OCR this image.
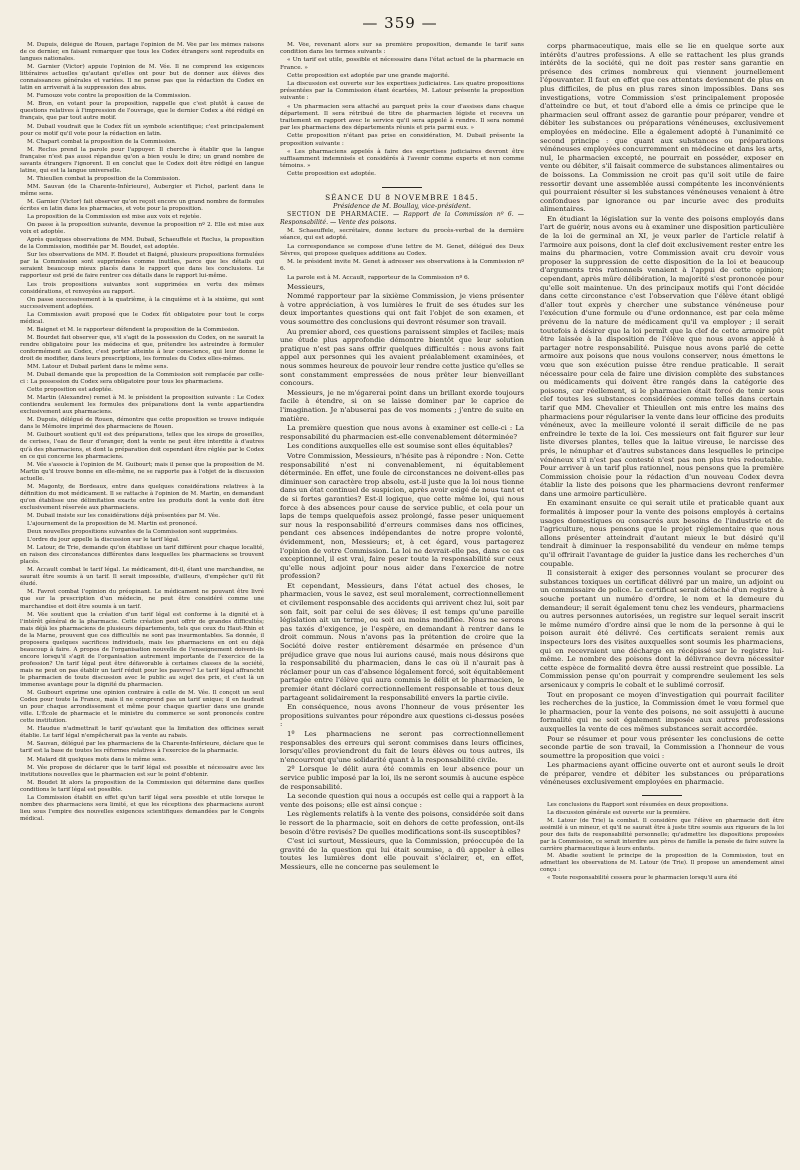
— 359 —

M. Dupuis, délégué de Rouen, partage l'opinion de M. Vée par les mêmes raisons de ce dernier, en faisant remarquer que tous les Codex étrangers sont reproduits en langues nationales.

M. Garnier (Victor) appuie l'opinion de M. Vée. Il ne comprend les exigences littéraires actuelles qu'autant qu'elles ont pour but de donner aux élèves des connaissances générales et variées. Il ne pense pas que la rédaction du Codex en latin en arriverait à la suppression des abus.

M. Fumouze vote contre la proposition de la Commission.

M. Bron, en votant pour la proposition, rappelle que c'est plutôt à cause de questions relatives à l'impression de l'ouvrage, que le dernier Codex a été rédigé en français, que par tout autre motif.

M. Dubail voudrait que le Codex fût un symbole scientifique; c'est principalement pour ce motif qu'il vote pour la rédaction en latin.

M. Chapart combat la proposition de la Commission.

M. Reclus prend la parole pour l'appuyer. Il cherche à établir que la langue française n'est pas aussi répandue qu'on a bien voulu le dire; un grand nombre de savants étrangers l'ignorent. Il en conclut que le Codex doit être rédigé en langue latine, qui est la langue universelle.

M. Thieullen combat la proposition de la Commission.

MM. Sauvan (de la Charente-Inférieure), Aubergier et Fichol, parlent dans le même sens.

M. Garnier (Victor) fait observer qu'on reçoit encore un grand nombre de formules écrites en latin dans les pharmacies, et vote pour la proposition.

La proposition de la Commission est mise aux voix et rejetée.

On passe à la proposition suivante, devenue la proposition nº 2. Elle est mise aux voix et adoptée.

Après quelques observations de MM. Dubail, Schaeuffele et Reclus, la proposition de la Commission, modifiée par M. Boudet, est adoptée.

Sur les observations de MM. F. Boudet et Baigné, plusieurs propositions formulées par la Commission sont supprimées comme inutiles, parce que les détails qui seraient beaucoup mieux placés dans le rapport que dans les conclusions. Le rapporteur est prié de faire rentrer ces détails dans le rapport lui-même.

Les trois propositions suivantes sont supprimées en vertu des mêmes considérations, et renvoyées au rapport.

On passe successivement à la quatrième, à la cinquième et à la sixième, qui sont successivement adoptées.

La Commission avait proposé que le Codex fût obligatoire pour tout le corps médical.

M. Baignet et M. le rapporteur défendent la proposition de la Commission.

M. Bourdet fait observer que, s'il s'agit de la possession du Codex, on ne saurait la rendre obligatoire pour les médecins et que, prétendre les astreindre à formuler conformément au Codex, c'est porter atteinte à leur conscience, qui leur donne le droit de modifier, dans leurs prescriptions, les formules du Codex elles-mêmes.

MM. Latour et Dubail parlent dans le même sens.

M. Dubail demande que la proposition de la Commission soit remplacée par celle-ci : La possession du Codex sera obligatoire pour tous les pharmaciens.

Cette proposition est adoptée.

M. Martin (Alexandre) remet à M. le président la proposition suivante : Le Codex contiendra seulement les formules des préparations dont la vente appartiendra exclusivement aux pharmaciens.

M. Dupuis, délégué de Rouen, démontre que cette proposition se trouve indiquée dans le Mémoire imprimé des pharmaciens de Rouen.

M. Guibourt soutient qu'il est des préparations, telles que les sirops de groseilles, de cerises, l'eau de fleur d'oranger, dont la vente ne peut être interdite à d'autres qu'à des pharmaciens, et dont la préparation doit cependant être réglée par le Codex en ce qui concerne les pharmaciens.

M. Vée s'associe à l'opinion de M. Guibourt; mais il pense que la proposition de M. Martin qu'il trouve bonne en elle-même, ne se rapporte pas à l'objet de la discussion actuelle.

M. Magonty, de Bordeaux, entre dans quelques considérations relatives à la définition du mot médicament. Il se rattache à l'opinion de M. Martin, en demandant qu'on établisse une délimitation exacte entre les produits dont la vente doit être exclusivement réservée aux pharmaciens.

M. Dubail insiste sur les considérations déjà présentées par M. Vée.

L'ajournement de la proposition de M. Martin est prononcé.

Deux nouvelles propositions suivantes de la Commission sont supprimées.

L'ordre du jour appelle la discussion sur le tarif légal.

M. Latour, de Trie, demande qu'on établisse un tarif différent pour chaque localité, en raison des circonstances différentes dans lesquelles les pharmaciens se trouvent placés.

M. Accault combat le tarif légal. Le médicament, dit-il, étant une marchandise, ne saurait être soumis à un tarif. Il serait impossible, d'ailleurs, d'empêcher qu'il fût éludé.

M. Favrot combat l'opinion du préopinant. Le médicament ne pouvant être livré que sur la prescription d'un médecin, ne peut être considéré comme une marchandise et doit être soumis à un tarif.

M. Vée soutient que la création d'un tarif légal est conforme à la dignité et à l'intérêt général de la pharmacie. Cette création peut offrir de grandes difficultés; mais déjà les pharmaciens de plusieurs départements, tels que ceux du Haut-Rhin et de la Marne, prouvent que ces difficultés ne sont pas insurmontables. Sa donnée, il proposera quelques sacrifices individuels, mais les pharmaciens en ont eu déjà beaucoup à faire. A propos de l'organisation nouvelle de l'enseignement doivent-ils encore lorsqu'il s'agit de l'organisation autrement importante de l'exercice de la profession? Un tarif légal peut être défavorable à certaines classes de la société, mais ne peut on pas établir un tarif réduit pour les pauvres? Le tarif légal affranchit le pharmacien de toute discussion avec le public au sujet des prix, et c'est là un immense avantage pour la dignité du pharmacien.

M. Guibourt exprime une opinion contraire à celle de M. Vée. Il conçoit un seul Codex pour toute la France, mais il ne comprend pas un tarif unique; il en faudrait un pour chaque arrondissement et même pour chaque quartier dans une grande ville. L'École de pharmacie et le ministre du commerce se sont prononcés contre cette institution.

M. Haudue n'admettrait le tarif qu'autant que la limitation des officines serait établie. Le tarif légal n'empêcherait pas la vente au rabais.

M. Sauvan, délégué par les pharmaciens de la Charente-Inférieure, déclare que le tarif est la base de toutes les réformes relatives à l'exercice de la pharmacie.

M. Malard dit quelques mots dans le même sens.

M. Vée propose de déclarer que le tarif légal est possible et nécessaire avec les institutions nouvelles que le pharmacien est sur le point d'obtenir.

M. Boudet lit alors la proposition de la Commission qui détermine dans quelles conditions le tarif légal est possible.

La Commission établit en effet qu'un tarif légal sera possible et utile lorsque le nombre des pharmaciens sera limité, et que les réceptions des pharmaciens auront lieu sous l'empire des nouvelles exigences scientifiques demandées par le Congrès médical.

M. Vée, revenant alors sur sa première proposition, demande le tarif sans condition dans les termes suivants :

« Un tarif est utile, possible et nécessaire dans l'état actuel de la pharmacie en France. »

Cette proposition est adoptée par une grande majorité.

La discussion est ouverte sur les expertises judiciaires. Les quatre propositions présentées par la Commission étant écartées, M. Latour présente la proposition suivante :

« Un pharmacien sera attaché au parquet près la cour d'assises dans chaque département. Il sera rétribué de titre de pharmacien légiste et recevra un traitement en rapport avec le service qu'il sera appelé à rendre. Il sera nommé par les pharmaciens des départements réunis et pris parmi eux. »

Cette proposition n'étant pas prise en considération, M. Dubail présente la proposition suivante :

« Les pharmaciens appelés à faire des expertises judiciaires devront être suffisamment indemnisés et considérés à l'avenir comme experts et non comme témoins. »

Cette proposition est adoptée.

SÉANCE DU 8 NOVEMBRE 1845.

Présidence de M. Boullay, vice-président.

SECTION DE PHARMACIE. — Rapport de la Commission nº 6. — Responsabilité. — Vente des poisons.

M. Schaeuffele, secrétaire, donne lecture du procès-verbal de la dernière séance, qui est adopté.

La correspondance se compose d'une lettre de M. Genet, délégué des Deux Sèvres, qui propose quelques additions au Codex.

M. le président invite M. Genet à adresser ses observations à la Commission nº 6.

La parole est à M. Accault, rapporteur de la Commission nº 6.

Messieurs,

Nommé rapporteur par la sixième Commission, je viens présenter à votre appréciation, à vos lumières le fruit de ses études sur les deux importantes questions qui ont fait l'objet de son examen, et vous soumettre des conclusions qui devront résumer son travail.

Au premier abord, ces questions paraissent simples et faciles; mais une étude plus approfondie démontre bientôt que leur solution pratique n'est pas sans offrir quelques difficultés : nous avons fait appel aux personnes qui les avaient préalablement examinées, et nous sommes heureux de pouvoir leur rendre cette justice qu'elles se sont constamment empressées de nous prêter leur bienveillant concours.

Messieurs, je ne m'égarerai point dans un brillant exorde toujours facile à étendre, si on se laisse dominer par le caprice de l'imagination. Je n'abuserai pas de vos moments ; j'entre de suite en matière.

La première question que nous avons à examiner est celle-ci : La responsabilité du pharmacien est-elle convenablement déterminée?

Les conditions auxquelles elle est soumise sont elles équitables?

Votre Commission, Messieurs, n'hésite pas à répondre : Non. Cette responsabilité n'est ni convenablement, ni équitablement déterminée. En effet, une foule de circonstances ne doivent-elles pas diminuer son caractère trop absolu, est-il juste que la loi nous tienne dans un état continuel de suspicion, après avoir exigé de nous tant et de si fortes garanties? Est-il logique, que cette même loi, qui nous force à des absences pour cause de service public, et cela pour un laps de temps quelquefois assez prolongé, fasse peser uniquement sur nous la responsabilité d'erreurs commises dans nos officines, pendant ces absences indépendantes de notre propre volonté, évidemment, non, Messieurs; et, à cet égard, vous partagerez l'opinion de votre Commission. La loi ne devrait-elle pas, dans ce cas exceptionnel, il est vrai, faire peser toute la responsabilité sur ceux qu'elle nous adjoint pour nous aider dans l'exercice de notre profession?

Et cependant, Messieurs, dans l'état actuel des choses, le pharmacien, vous le savez, est seul moralement, correctionnellement et civilement responsable des accidents qui arrivent chez lui, soit par son fait, soit par celui de ses élèves; il est temps qu'une pareille législation ait un terme, ou soit au moins modifiée. Nous ne serons pas taxés d'exigence, je l'espère, en demandant à rentrer dans le droit commun. Nous n'avons pas la prétention de croire que la Société doive rester entièrement désarmée en présence d'un préjudice grave que nous lui aurions causé, mais nous désirons que la responsabilité du pharmacien, dans le cas où il n'aurait pas à réclamer pour un cas d'absence légalement forcé, soit équitablement partagée entre l'élève qui aura commis le délit et le pharmacien, le premier étant déclaré correctionnellement responsable et tous deux partageant solidairement la responsabilité envers la partie civile.

En conséquence, nous avons l'honneur de vous présenter les propositions suivantes pour répondre aux questions ci-dessus posées :

1º Les pharmaciens ne seront pas correctionnellement responsables des erreurs qui seront commises dans leurs officines, lorsqu'elles proviendront du fait de leurs élèves ou tous autres, ils n'encourront qu'une solidarité quant à la responsabilité civile.

2º Lorsque le délit aura été commis en leur absence pour un service public imposé par la loi, ils ne seront soumis à aucune espèce de responsabilité.

La seconde question qui nous a occupés est celle qui a rapport à la vente des poisons; elle est ainsi conçue :

Les règlements relatifs à la vente des poisons, considérée soit dans le ressort de la pharmacie, soit en dehors de cette profession, ont-ils besoin d'être revisés? De quelles modifications sont-ils susceptibles?

C'est ici surtout, Messieurs, que la Commission, préoccupée de la gravité de la question qui lui était soumise, a dû appeler à elles toutes les lumières dont elle pouvait s'éclairer, et, en effet, Messieurs, elle ne concerne pas seulement le

corps pharmaceutique, mais elle se lie en quelque sorte aux intérêts d'autres professions. A elle se rattachent les plus grands intérêts de la société, qui ne doit pas rester sans garantie en présence des crimes nombreux qui viennent journellement l'épouvanter. Il faut en effet que ces attentats deviennent de plus en plus difficiles, de plus en plus rares sinon impossibles. Dans ses investigations, votre Commission s'est principalement proposée d'atteindre ce but, et tout d'abord elle a émis ce principe que le pharmacien seul offrant assez de garantie pour préparer, vendre et débiter les substances ou préparations vénéneuses, exclusivement employées en médecine. Elle a également adopté à l'unanimité ce second principe : que quant aux substances ou préparations vénéneuses employées concurremment en médecine et dans les arts, nul, le pharmacien excepté, ne pourrait en posséder, exposer en vente ou débiter, s'il faisait commerce de substances alimentaires ou de boissons. La Commission ne croit pas qu'il soit utile de faire ressortir devant une assemblée aussi compétente les inconvénients qui pourraient résulter si les substances vénéneuses venaient à être confondues par ignorance ou par incurie avec des produits alimentaires.

En étudiant la législation sur la vente des poisons employés dans l'art de guérir, nous avons eu à examiner une disposition particulière de la loi de germinal an XI, je veux parler de l'article relatif à l'armoire aux poisons, dont la clef doit exclusivement rester entre les mains du pharmacien, votre Commission avait cru devoir vous proposer la suppression de cette disposition de la loi et beaucoup d'arguments très rationnels venaient à l'appui de cette opinion; cependant, après mûre délibération, la majorité s'est prononcée pour qu'elle soit maintenue. Un des principaux motifs qui l'ont décidée dans cette circonstance c'est l'observation que l'élève étant obligé d'aller tout exprès y chercher une substance vénéneuse pour l'exécution d'une formule ou d'une ordonnance, est par cela même prévenu de la nature de médicament qu'il va employer ; il serait toutefois à désirer que la loi permît que la clef de cette armoire pût être laissée à la disposition de l'élève que nous avons appelé à partager notre responsabilité. Puisque nous avons parlé de cette armoire aux poisons que nous voulons conserver, nous émettons le vœu que son exécution puisse être rendue praticable. Il serait nécessaire pour cela de faire une division complète des substances ou médicaments qui doivent être rangés dans la catégorie des poisons, car réellement, si le pharmacien était forcé de tenir sous clef toutes les substances considérées comme telles dans certain tarif que MM. Chevalier et Thieullen ont mis entre les mains des pharmaciens pour régulariser la vente dans leur officine des produits vénéneux, avec la meilleure volonté il serait difficile de ne pas enfreindre le texte de la loi. Ces messieurs ont fait figurer sur leur liste diverses plantes, telles que la laitue vireuse, le narcisse des prés, le nénuphar et d'autres substances dans lesquelles le principe vénéneux s'il n'est pas contesté n'est pas non plus très redoutable. Pour arriver à un tarif plus rationnel, nous pensons que la première Commission choisie pour la rédaction d'un nouveau Codex devra établir la liste des poisons que les pharmaciens devront renfermer dans une armoire particulière.

En examinant ensuite ce qui serait utile et praticable quant aux formalités à imposer pour la vente des poisons employés à certains usages domestiques ou consacrés aux besoins de l'industrie et de l'agriculture, nous pensons que le projet réglementaire que nous allons présenter atteindrait d'autant mieux le but désiré qu'il tendrait à diminuer la responsabilité du vendeur en même temps qu'il offrirait l'avantage de guider la justice dans les recherches d'un coupable.

Il consisterait à exiger des personnes voulant se procurer des substances toxiques un certificat délivré par un maire, un adjoint ou un commissaire de police. Le certificat serait détaché d'un registre à souche portant un numéro d'ordre, le nom et la demeure du demandeur; il serait également tenu chez les vendeurs, pharmaciens ou autres personnes autorisées, un registre sur lequel serait inscrit le même numéro d'ordre ainsi que le nom de la personne à qui le poison aurait été délivré. Ces certificats seraient remis aux inspecteurs lors des visites auxquelles sont soumis les pharmaciens, qui en recevraient une décharge en récépissé sur le registre lui-même. Le nombre des poisons dont la délivrance devra nécessiter cette espèce de formalité devra être aussi restreint que possible. La Commission pense qu'on pourrait y comprendre seulement les sels arsenicaux y compris le cobalt et le sublimé corrosif.

Tout en proposant ce moyen d'investigation qui pourrait faciliter les recherches de la justice, la Commission émet le vœu formel que le pharmacien, pour la vente des poisons, ne soit assujetti à aucune formalité qui ne soit également imposée aux autres professions auxquelles la vente de ces mêmes substances serait accordée.

Pour se résumer et pour vous présenter les conclusions de cette seconde partie de son travail, la Commission a l'honneur de vous soumettre la proposition que voici :

Les pharmaciens ayant officine ouverte ont et auront seuls le droit de préparer, vendre et débiter les substances ou préparations vénéneuses exclusivement employées en pharmacie.

Les conclusions du Rapport sont résumées en deux propositions.

La discussion générale est ouverte sur la première.

M. Latour (de Trie) la combat. Il considère que l'élève en pharmacie doit être assimilé à un mineur, et qu'il ne saurait être à juste titre soumis aux rigueurs de la loi pour des faits de responsabilité personnelle; qu'admettre les dispositions proposées par la Commission, ce serait interdire aux pères de famille la pensée de faire suivre la carrière pharmaceutique à leurs enfants.

M. Abadie soutient le principe de la proposition de la Commission, tout en admettant les observations de M. Latour (de Trie). Il propose un amendement ainsi conçu :

« Toute responsabilité cessera pour le pharmacien lorsqu'il aura été
